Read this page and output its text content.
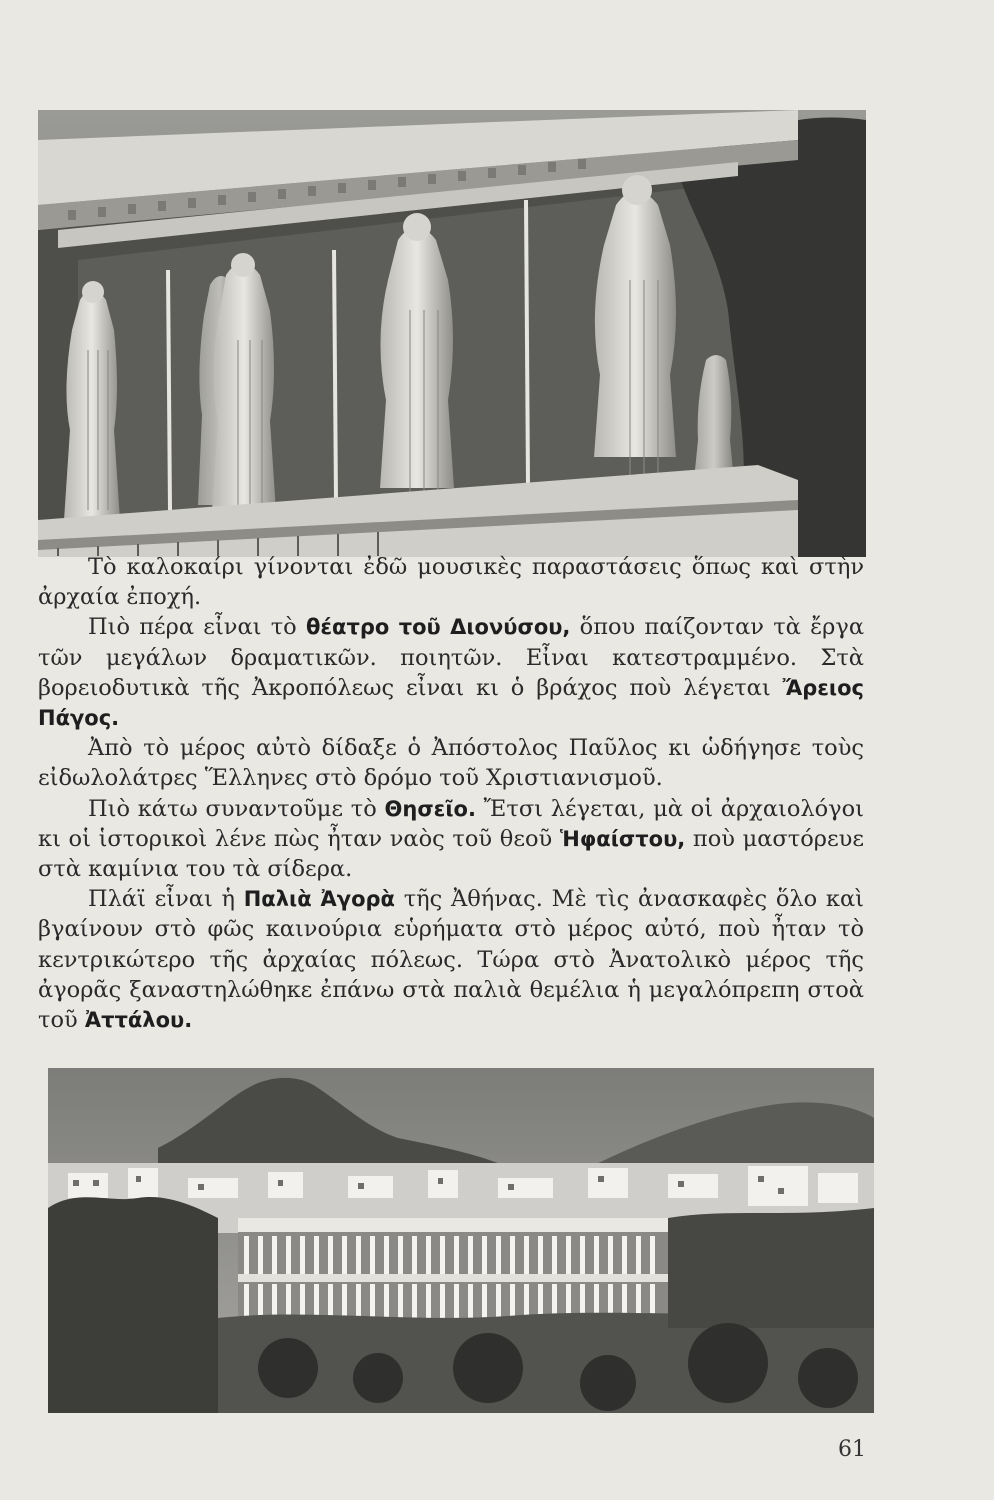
Τὸ καλοκαίρι γίνονται ἐδῶ μουσικὲς παραστάσεις ὅπως καὶ στὴν ἀρχαία ἐποχή.

Πιὸ πέρα εἶναι τὸ θέατρο τοῦ Διονύσου, ὅπου παίζονταν τὰ ἔργα τῶν μεγάλων δραματικῶν. ποιητῶν. Εἶναι κατεστραμμένο. Στὰ βορειοδυτικὰ τῆς Ἀκροπόλεως εἶναι κι ὁ βράχος ποὺ λέγεται Ἄρειος Πάγος.

Ἀπὸ τὸ μέρος αὐτὸ δίδαξε ὁ Ἀπόστολος Παῦλος κι ὡδήγησε τοὺς εἰδωλολάτρες Ἕλληνες στὸ δρόμο τοῦ Χριστιανισμοῦ.

Πιὸ κάτω συναντοῦμε τὸ Θησεῖο. Ἔτσι λέγεται, μὰ οἱ ἀρχαιολόγοι κι οἱ ἱστορικοὶ λένε πὼς ἦταν ναὸς τοῦ θεοῦ Ἡφαίστου, ποὺ μαστόρευε στὰ καμίνια του τὰ σίδερα.

Πλάϊ εἶναι ἡ Παλιὰ Ἀγορὰ τῆς Ἀθήνας. Μὲ τὶς ἀνασκαφὲς ὅλο καὶ βγαίνουν στὸ φῶς καινούρια εὑρήματα στὸ μέρος αὐτό, ποὺ ἦταν τὸ κεντρικώτερο τῆς ἀρχαίας πόλεως. Τώρα στὸ Ἀνατολικὸ μέρος τῆς ἀγορᾶς ξαναστηλώθηκε ἐπάνω στὰ παλιὰ θεμέλια ἡ μεγαλόπρεπη στοὰ τοῦ Ἀττάλου.

61
